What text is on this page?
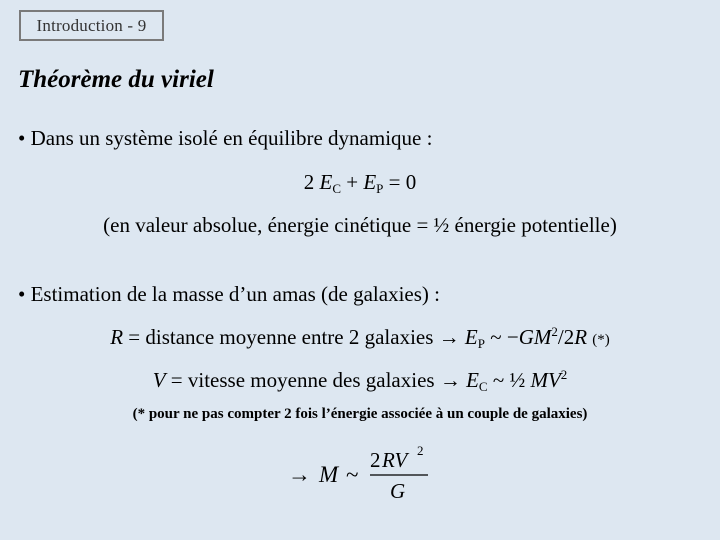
Introduction - 9
Théorème du viriel
• Dans un système isolé en équilibre dynamique :
2 $E_C + E_P = 0$
(en valeur absolue, énergie cinétique = ½ énergie potentielle)
• Estimation de la masse d’un amas (de galaxies) :
R = distance moyenne entre 2 galaxies → $E_P$ ~ $-GM^2/2R$ (*)
V = vitesse moyenne des galaxies → $E_C$ ~ ½ $MV^2$
(* pour ne pas compter 2 fois l’énergie associée à un couple de galaxies)
→ M ~
2 RV 2
G
